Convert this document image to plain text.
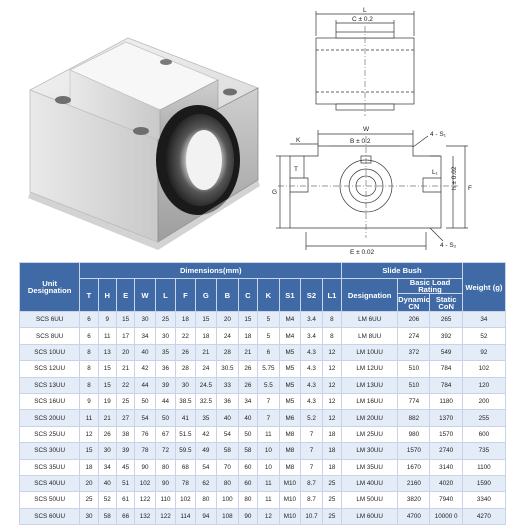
L
C ± 0.2
W
B ± 0.2
K
T
4 - S₁
4 - S₂
L₁
G
E ± 0.02
h ± 0.02 F
Unit Designation	Dimensions(mm)													Slide Bush			Weight (g)
	T	H	E	W	L	F	G	B	C	K	S1	S2	L1	Designation	Basic Load Rating		
															Dynamic CN	Static CoN	
SCS 6UU	6	9	15	30	25	18	15	20	15	5	M4	3.4	8	LM 6UU	206	265	34
SCS 8UU	6	11	17	34	30	22	18	24	18	5	M4	3.4	8	LM 8UU	274	392	52
SCS 10UU	8	13	20	40	35	26	21	28	21	6	M5	4.3	12	LM 10UU	372	549	92
SCS 12UU	8	15	21	42	36	28	24	30.5	26	5.75	M5	4.3	12	LM 12UU	510	784	102
SCS 13UU	8	15	22	44	39	30	24.5	33	26	5.5	M5	4.3	12	LM 13UU	510	784	120
SCS 16UU	9	19	25	50	44	38.5	32.5	36	34	7	M5	4.3	12	LM 16UU	774	1180	200
SCS 20UU	11	21	27	54	50	41	35	40	40	7	M6	5.2	12	LM 20UU	882	1370	255
SCS 25UU	12	26	38	76	67	51.5	42	54	50	11	M8	7	18	LM 25UU	980	1570	600
SCS 30UU	15	30	39	78	72	59.5	49	58	58	10	M8	7	18	LM 30UU	1570	2740	735
SCS 35UU	18	34	45	90	80	68	54	70	60	10	M8	7	18	LM 35UU	1670	3140	1100
SCS 40UU	20	40	51	102	90	78	62	80	60	11	M10	8.7	25	LM 40UU	2160	4020	1590
SCS 50UU	25	52	61	122	110	102	80	100	80	11	M10	8.7	25	LM 50UU	3820	7940	3340
SCS 60UU	30	58	66	132	122	114	94	108	90	12	M10	10.7	25	LM 60UU	4700	10000 0	4270
